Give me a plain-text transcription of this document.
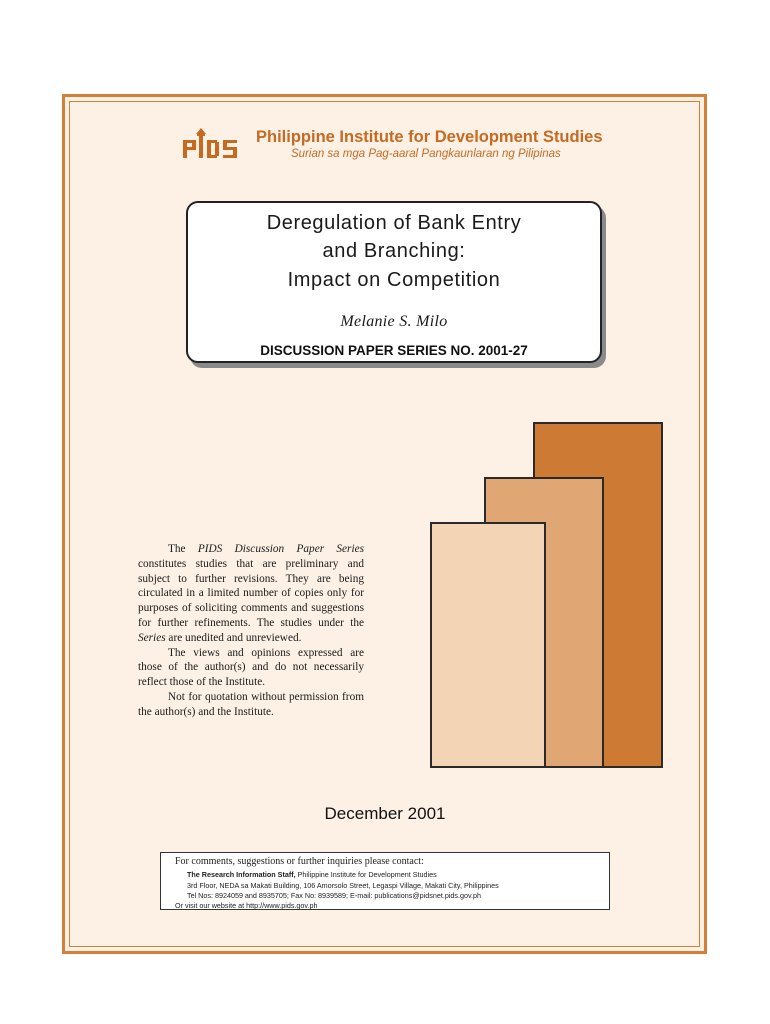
Philippine Institute for Development Studies
Surian sa mga Pag-aaral Pangkaunlaran ng Pilipinas
Deregulation of Bank Entry
and Branching:
Impact on Competition
Melanie S. Milo
DISCUSSION PAPER SERIES NO. 2001-27

The PIDS Discussion Paper Series constitutes studies that are preliminary and subject to further revisions. They are being circulated in a limited number of copies only for purposes of soliciting comments and suggestions for further refinements. The studies under the Series are unedited and unreviewed.

The views and opinions expressed are those of the author(s) and do not necessarily reflect those of the Institute.

Not for quotation without permission from the author(s) and the Institute.

December 2001
For comments, suggestions or further inquiries please contact:
The Research Information Staff, Philippine Institute for Development Studies
3rd Floor, NEDA sa Makati Building, 106 Amorsolo Street, Legaspi Village, Makati City, Philippines
Tel Nos: 8924059 and 8935705; Fax No: 8939589; E-mail: publications@pidsnet.pids.gov.ph
Or visit our website at http://www.pids.gov.ph
